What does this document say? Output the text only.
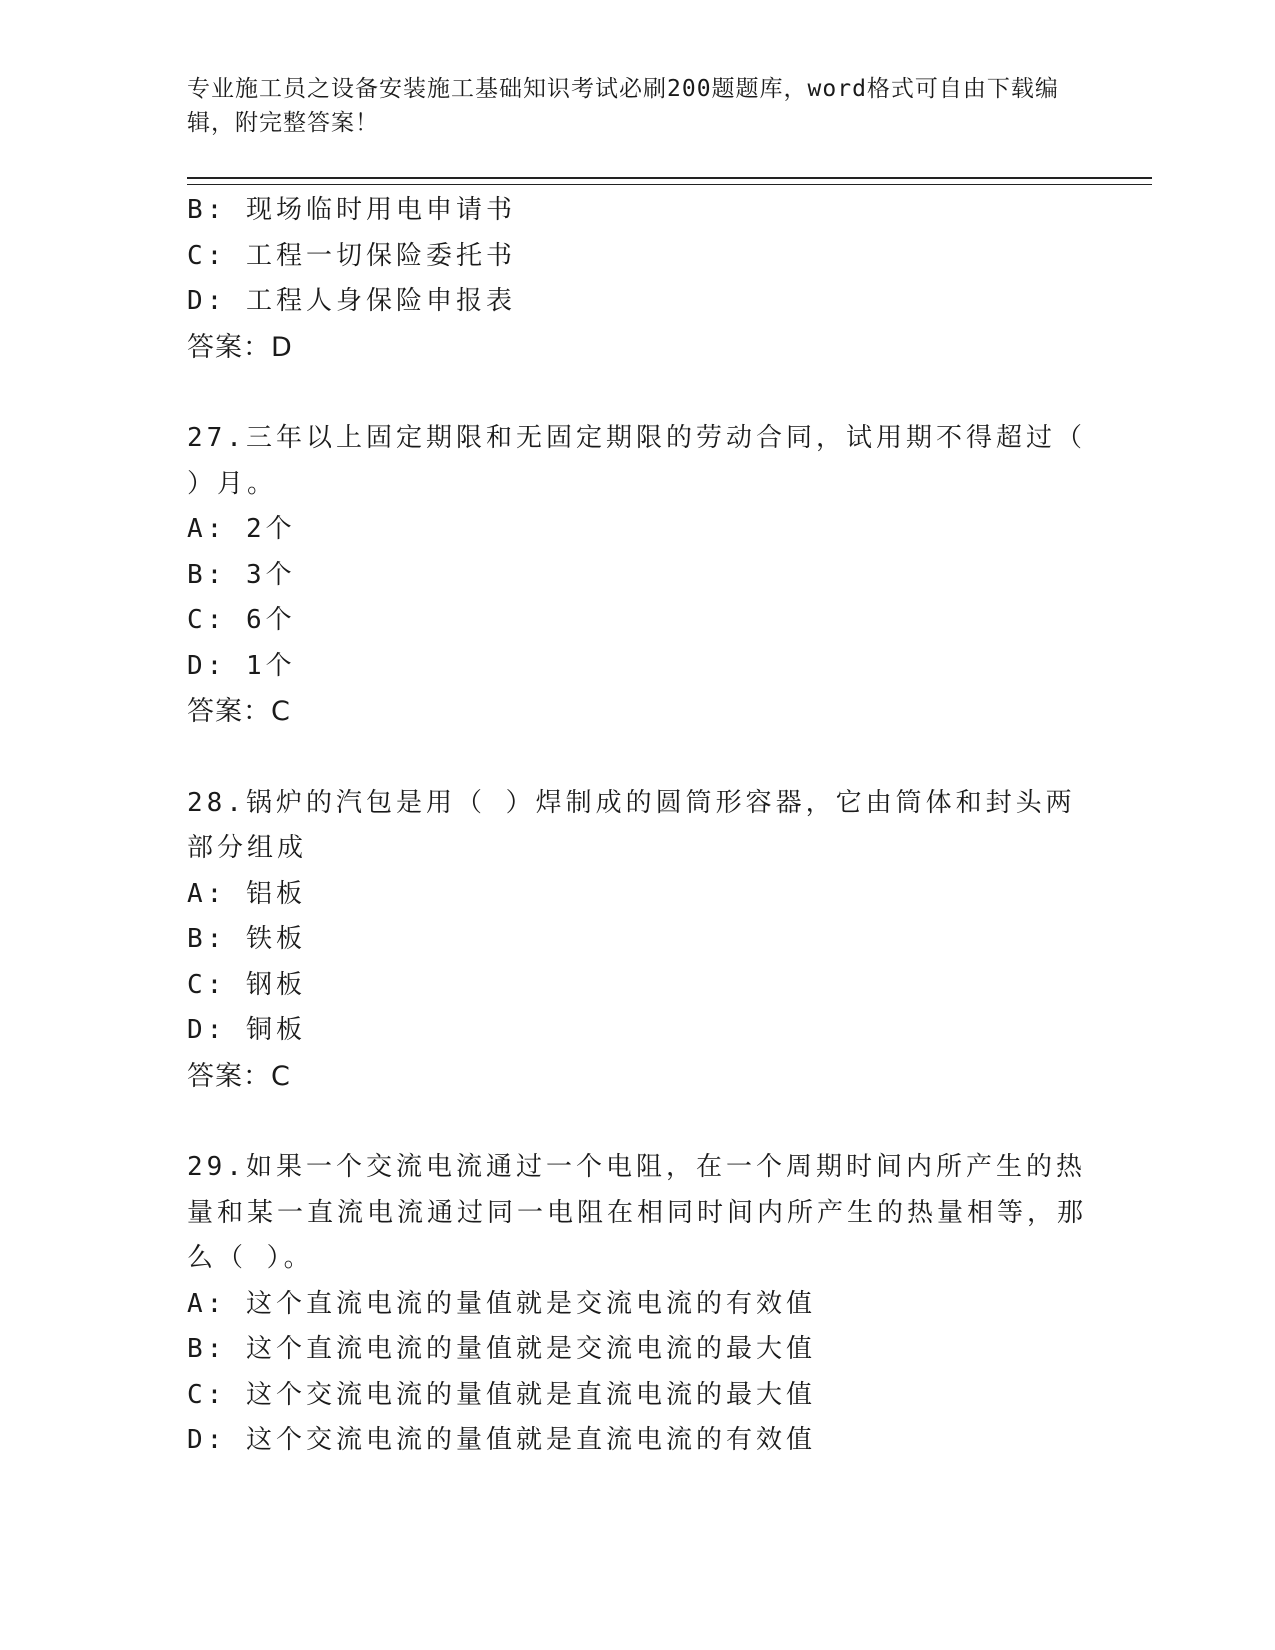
专业施工员之设备安装施工基础知识考试必刷200题题库，word格式可自由下载编辑，附完整答案！
B: 现场临时用电申请书
C: 工程一切保险委托书
D: 工程人身保险申报表
答案：D
27.三年以上固定期限和无固定期限的劳动合同，试用期不得超过（ ）月。
A: 2个
B: 3个
C: 6个
D: 1个
答案：C
28.锅炉的汽包是用（ ）焊制成的圆筒形容器，它由筒体和封头两部分组成
A: 铝板
B: 铁板
C: 钢板
D: 铜板
答案：C
29.如果一个交流电流通过一个电阻，在一个周期时间内所产生的热量和某一直流电流通过同一电阻在相同时间内所产生的热量相等，那么（ ）。
A: 这个直流电流的量值就是交流电流的有效值
B: 这个直流电流的量值就是交流电流的最大值
C: 这个交流电流的量值就是直流电流的最大值
D: 这个交流电流的量值就是直流电流的有效值
